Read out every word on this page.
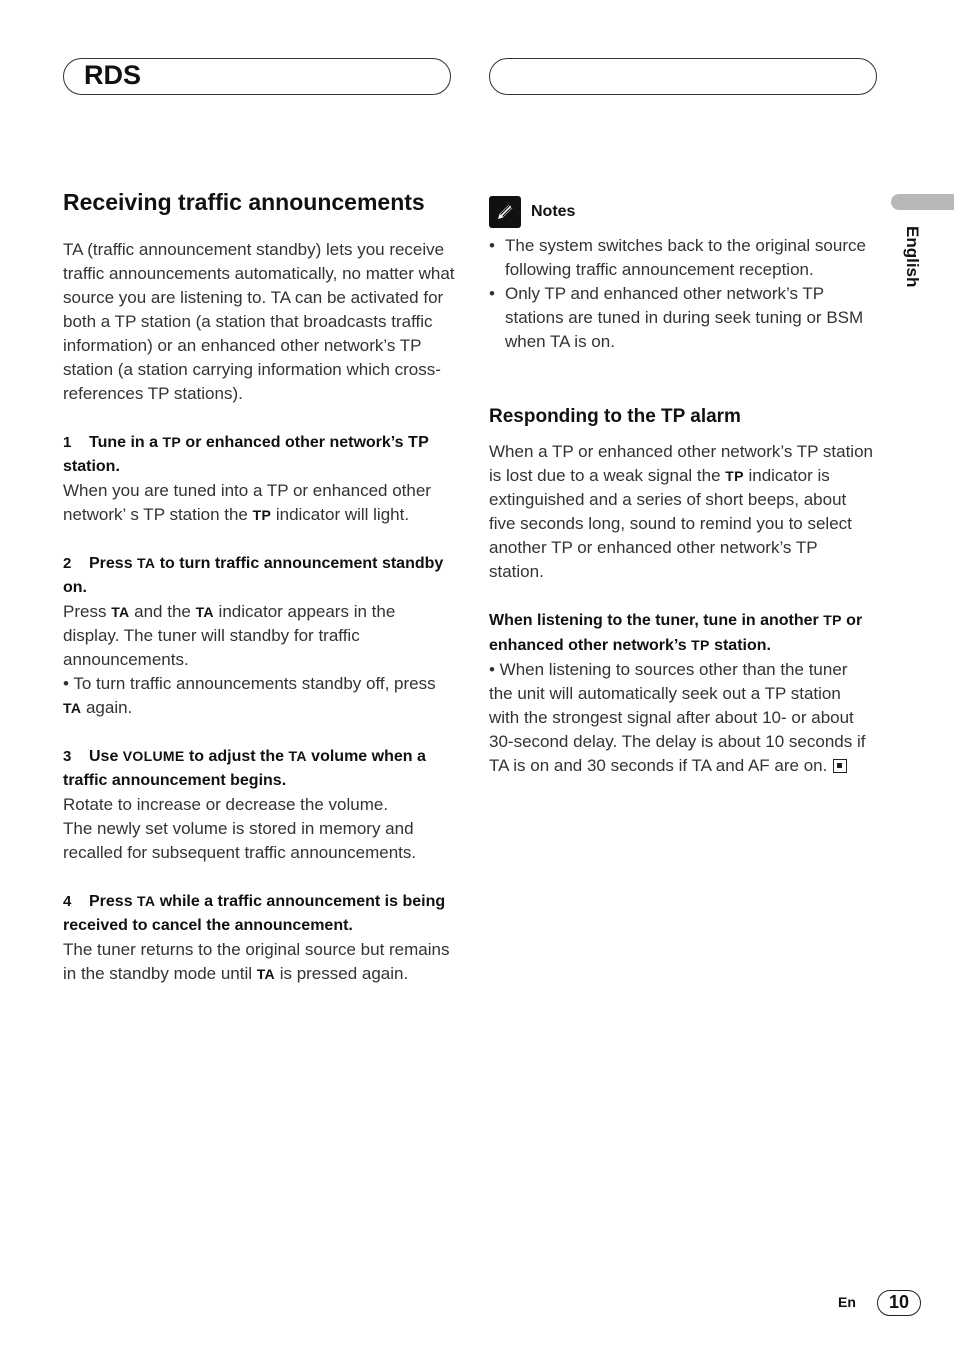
RDS
English
Receiving traffic announcements

TA (traffic announcement standby) lets you receive traffic announcements automatically, no matter what source you are listening to. TA can be activated for both a TP station (a station that broadcasts traffic information) or an enhanced other network’s TP station (a station carrying information which cross-references TP stations).

1 Tune in a TP or enhanced other network’s TP station.

When you are tuned into a TP or enhanced other network’ s TP station the TP indicator will light.

2 Press TA to turn traffic announcement standby on.

Press TA and the TA indicator appears in the display. The tuner will standby for traffic announcements.

• To turn traffic announcements standby off, press TA again.

3 Use VOLUME to adjust the TA volume when a traffic announcement begins.

Rotate to increase or decrease the volume.

The newly set volume is stored in memory and recalled for subsequent traffic announcements.

4 Press TA while a traffic announcement is being received to cancel the announcement.

The tuner returns to the original source but remains in the standby mode until TA is pressed again.

Notes
• The system switches back to the original source following traffic announcement reception.
• Only TP and enhanced other network’s TP stations are tuned in during seek tuning or BSM when TA is on.
Responding to the TP alarm

When a TP or enhanced other network’s TP station is lost due to a weak signal the TP indicator is extinguished and a series of short beeps, about five seconds long, sound to remind you to select another TP or enhanced other network’s TP station.

When listening to the tuner, tune in another TP or enhanced other network’s TP station.

• When listening to sources other than the tuner the unit will automatically seek out a TP station with the strongest signal after about 10- or about 30-second delay. The delay is about 10 seconds if TA is on and 30 seconds if TA and AF are on.

En	10
